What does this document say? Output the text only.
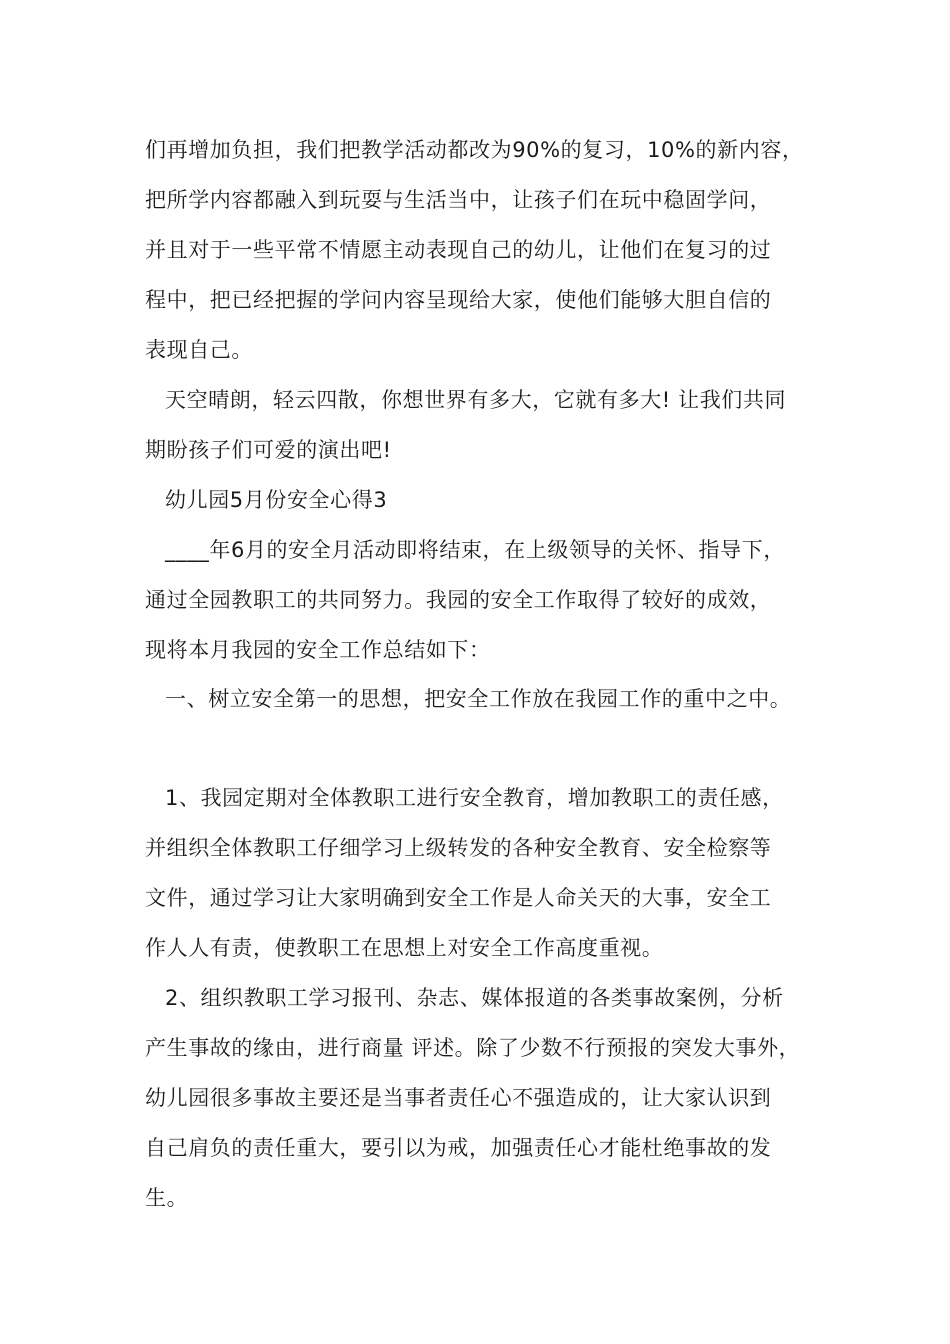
们再增加负担，我们把教学活动都改为90%的复习，10%的新内容，
把所学内容都融入到玩耍与生活当中，让孩子们在玩中稳固学问，
并且对于一些平常不情愿主动表现自己的幼儿，让他们在复习的过
程中，把已经把握的学问内容呈现给大家，使他们能够大胆自信的
表现自己。
天空晴朗，轻云四散，你想世界有多大，它就有多大! 让我们共同
期盼孩子们可爱的演出吧!
幼儿园5月份安全心得3
____年6月的安全月活动即将结束，在上级领导的关怀、指导下，
通过全园教职工的共同努力。我园的安全工作取得了较好的成效，
现将本月我园的安全工作总结如下：
一、树立安全第一的思想，把安全工作放在我园工作的重中之中。
1、我园定期对全体教职工进行安全教育，增加教职工的责任感，
并组织全体教职工仔细学习上级转发的各种安全教育、安全检察等
文件，通过学习让大家明确到安全工作是人命关天的大事，安全工
作人人有责，使教职工在思想上对安全工作高度重视。
2、组织教职工学习报刊、杂志、媒体报道的各类事故案例，分析
产生事故的缘由，进行商量 评述。除了少数不行预报的突发大事外，
幼儿园很多事故主要还是当事者责任心不强造成的，让大家认识到
自己肩负的责任重大，要引以为戒，加强责任心才能杜绝事故的发
生。
